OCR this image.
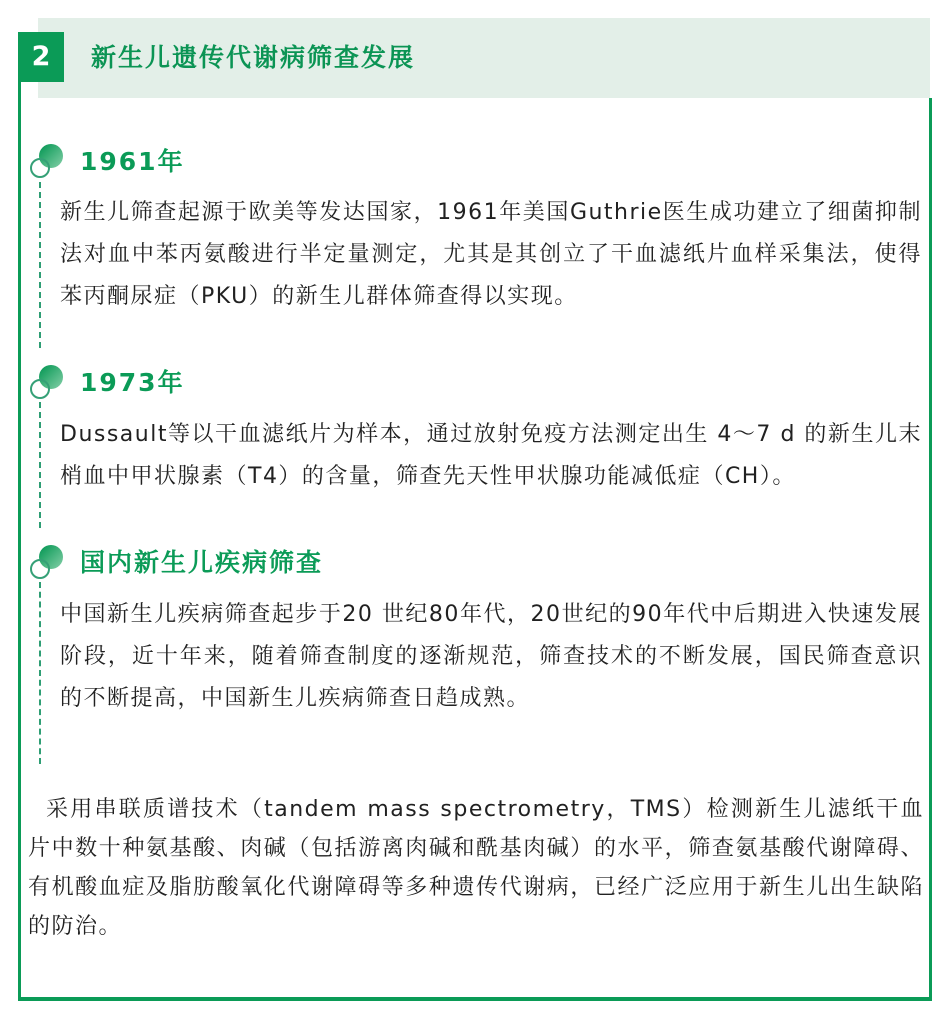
新生儿遗传代谢病筛查发展
2
1961年
新生儿筛查起源于欧美等发达国家，1961年美国Guthrie医生成功建立了细菌抑制法对血中苯丙氨酸进行半定量测定，尤其是其创立了干血滤纸片血样采集法，使得苯丙酮尿症（PKU）的新生儿群体筛查得以实现。
1973年
Dussault等以干血滤纸片为样本，通过放射免疫方法测定出生 4～7 d 的新生儿末梢血中甲状腺素（T4）的含量，筛查先天性甲状腺功能减低症（CH）。
国内新生儿疾病筛查
中国新生儿疾病筛查起步于20 世纪80年代，20世纪的90年代中后期进入快速发展阶段，近十年来，随着筛查制度的逐渐规范，筛查技术的不断发展，国民筛查意识的不断提高，中国新生儿疾病筛查日趋成熟。
采用串联质谱技术（tandem mass spectrometry，TMS）检测新生儿滤纸干血片中数十种氨基酸、肉碱（包括游离肉碱和酰基肉碱）的水平，筛查氨基酸代谢障碍、有机酸血症及脂肪酸氧化代谢障碍等多种遗传代谢病，已经广泛应用于新生儿出生缺陷的防治。
